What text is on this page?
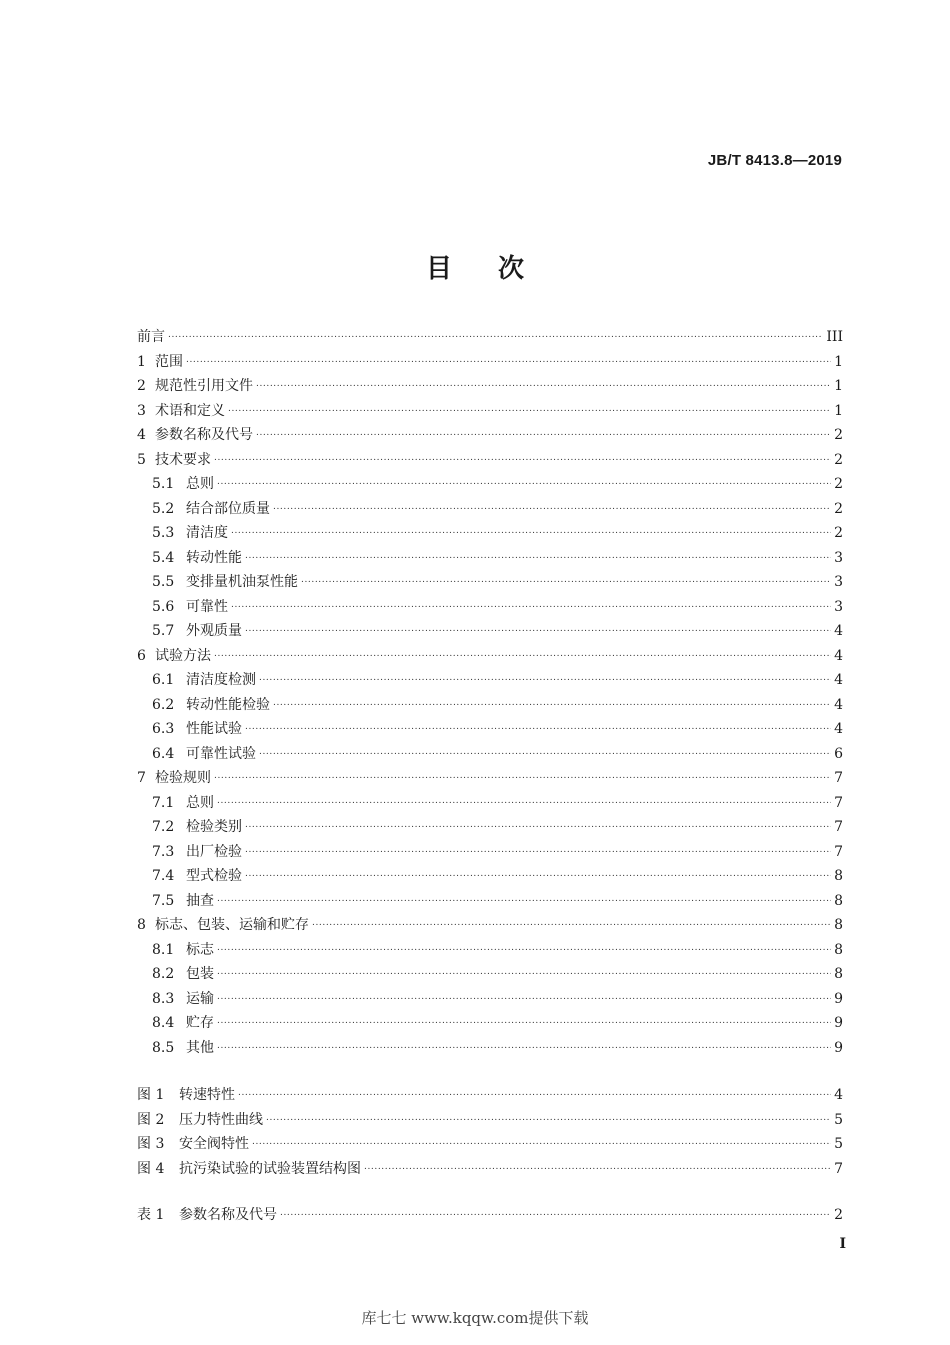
JB/T 8413.8—2019
目 次
前言 .....	III
1 范围 .....	1
2 规范性引用文件 .....	1
3 术语和定义 .....	1
4 参数名称及代号 .....	2
5 技术要求 .....	2
5.1 总则 .....	2
5.2 结合部位质量 .....	2
5.3 清洁度 .....	2
5.4 转动性能 .....	3
5.5 变排量机油泵性能 .....	3
5.6 可靠性 .....	3
5.7 外观质量 .....	4
6 试验方法 .....	4
6.1 清洁度检测 .....	4
6.2 转动性能检验 .....	4
6.3 性能试验 .....	4
6.4 可靠性试验 .....	6
7 检验规则 .....	7
7.1 总则 .....	7
7.2 检验类别 .....	7
7.3 出厂检验 .....	7
7.4 型式检验 .....	8
7.5 抽查 .....	8
8 标志、包装、运输和贮存 .....	8
8.1 标志 .....	8
8.2 包装 .....	8
8.3 运输 .....	9
8.4 贮存 .....	9
8.5 其他 .....	9
图 1	转速特性 .....	4
图 2	压力特性曲线 .....	5
图 3	安全阀特性 .....	5
图 4	抗污染试验的试验装置结构图 .....	7
表 1	参数名称及代号 .....	2
I
库七七 www.kqqw.com提供下载
